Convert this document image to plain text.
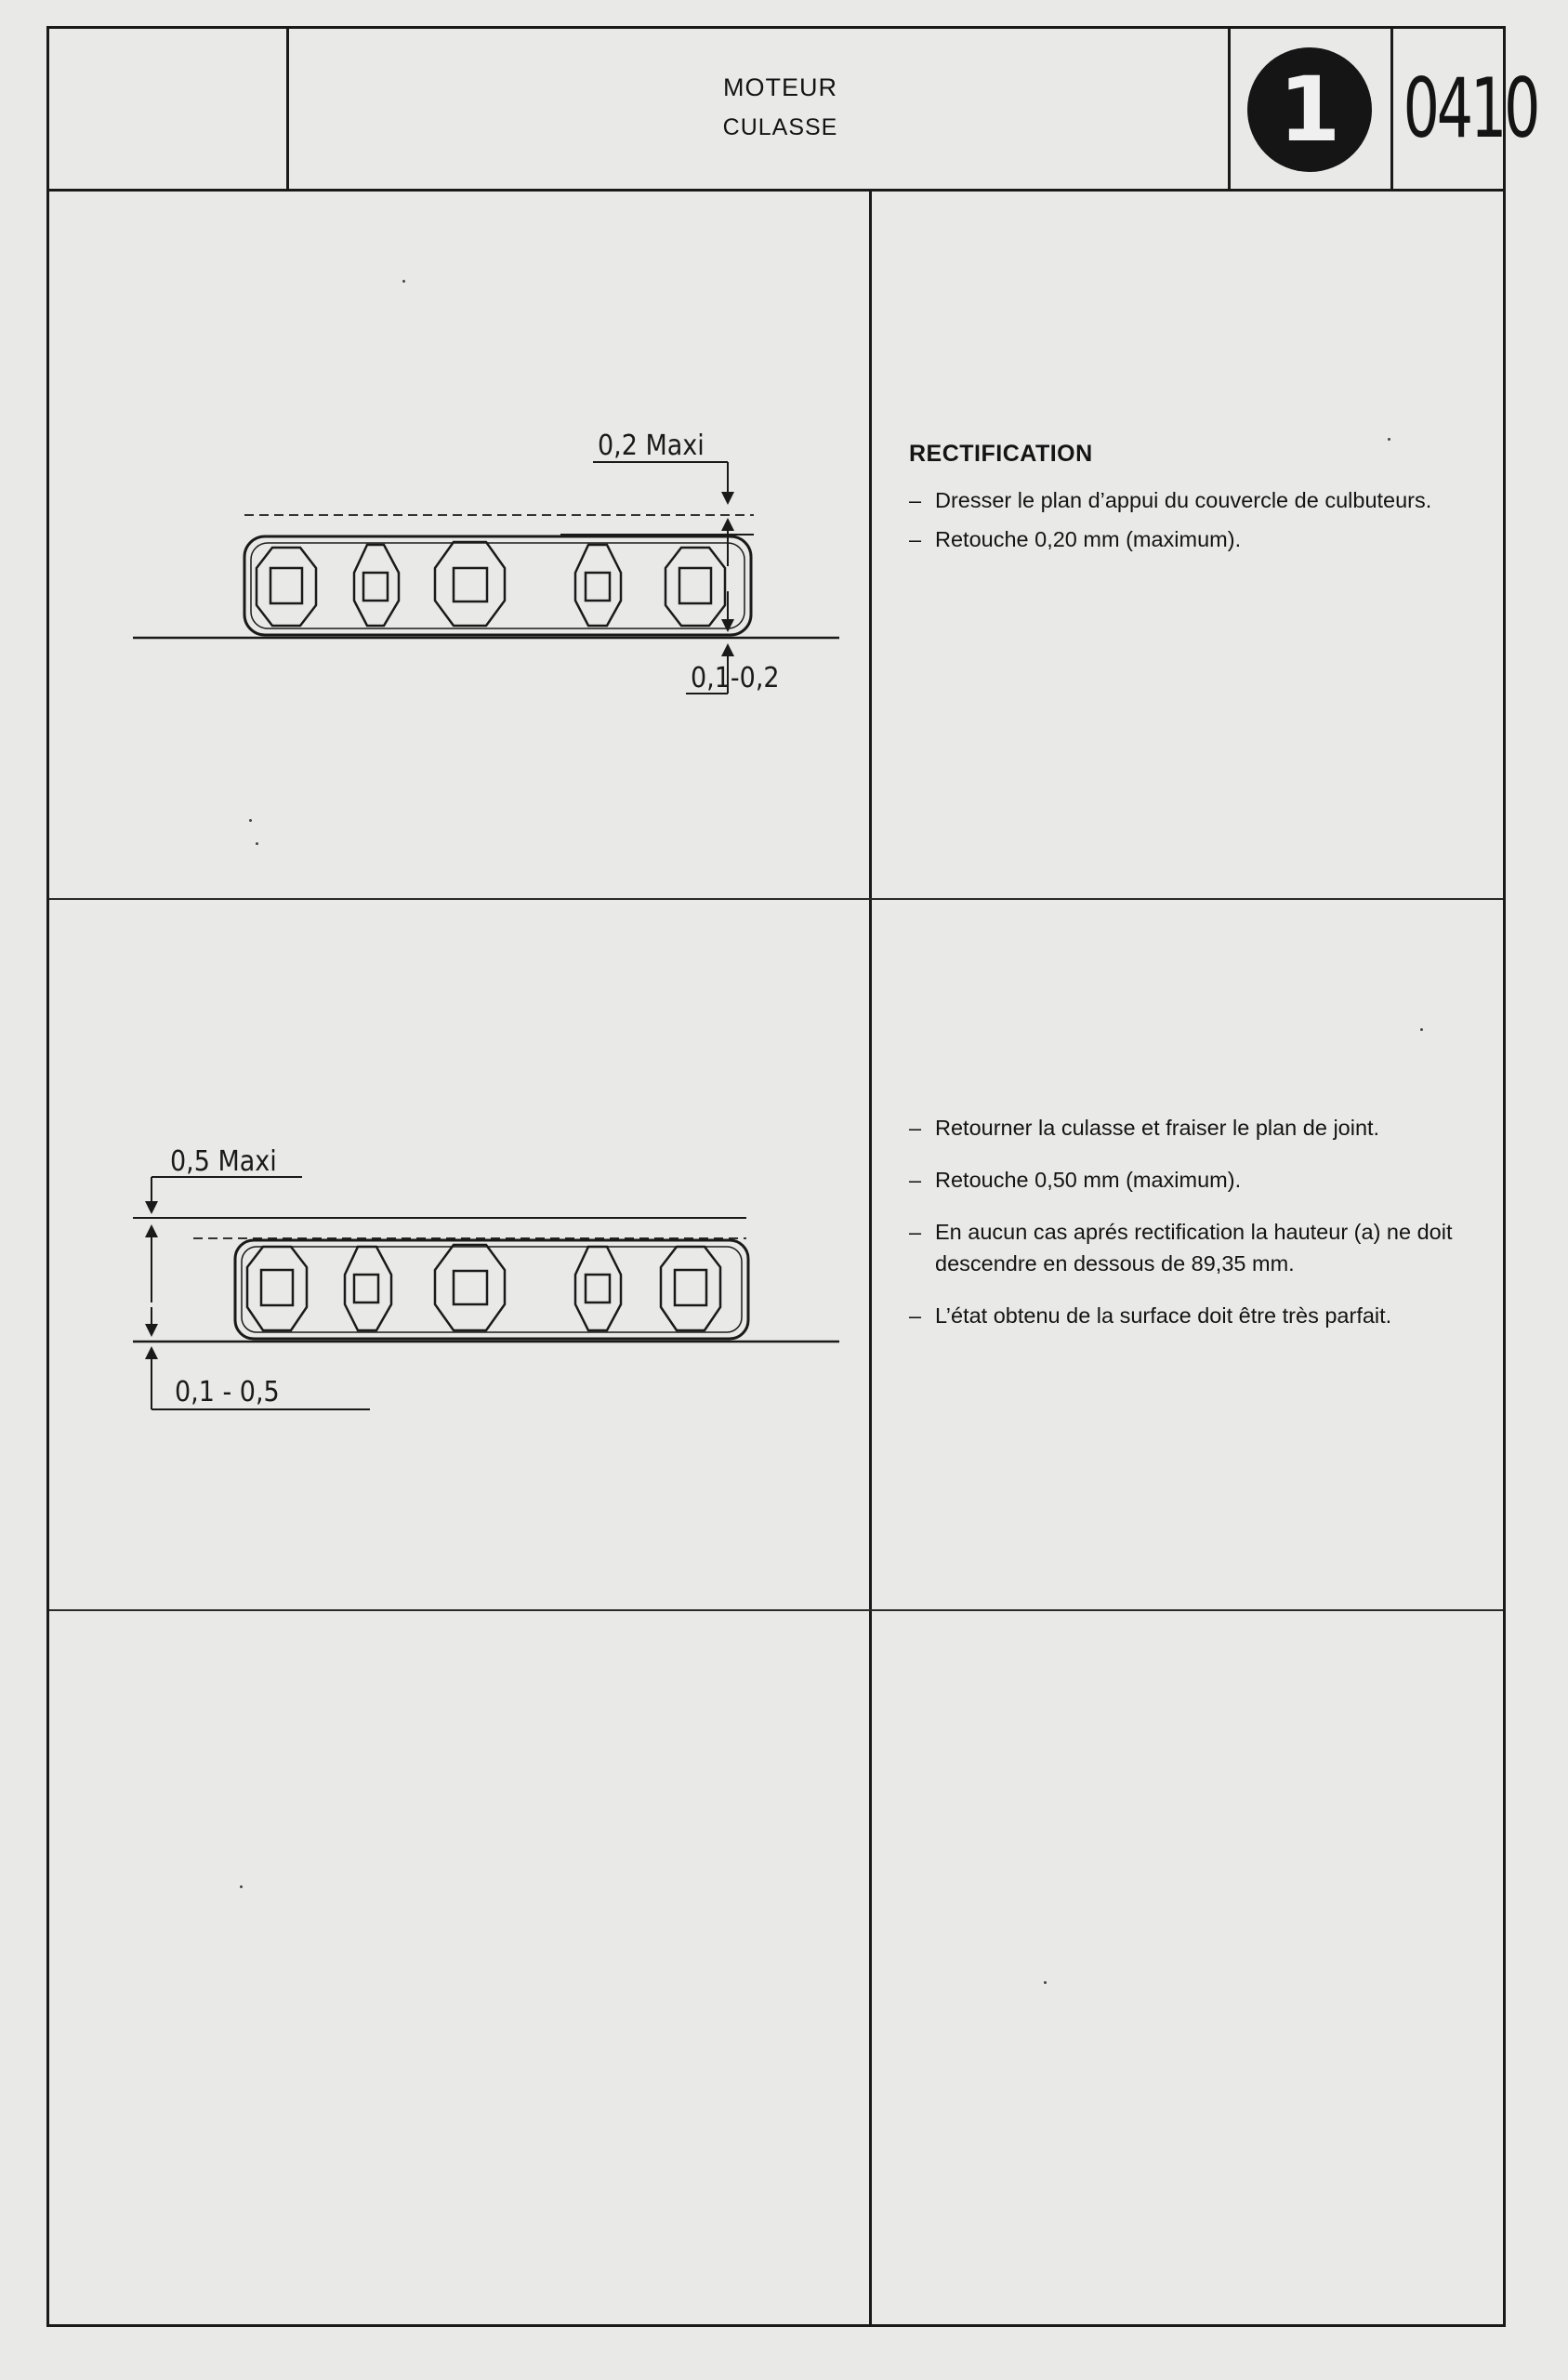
MOTEUR
CULASSE	1 0410
0,2 Maxi
0,1-0,2
RECTIFICATION
– Dresser le plan d’appui du couvercle de culbuteurs.
– Retouche 0,20 mm (maximum).
0,5 Maxi
0,1 - 0,5
– Retourner la culasse et fraiser le plan de joint.
– Retouche 0,50 mm (maximum).
– En aucun cas aprés rectification la hauteur (a) ne doit descendre en dessous de 89,35 mm.
– L’état obtenu de la surface doit être très parfait.
